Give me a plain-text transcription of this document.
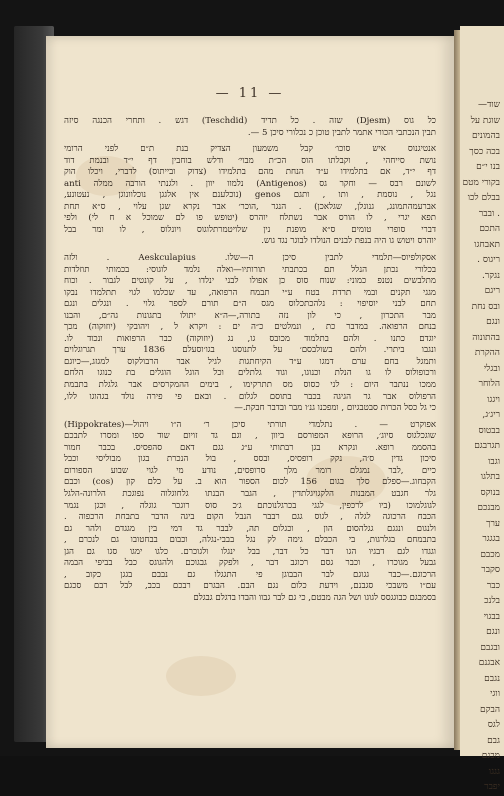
שוד—
שוגת על
בהמונים
בכה כסך
בנו י״ם
בקורי מטם
בבלם לכו
. ובבר
התכם
תאבחגו
ריגוס .
נגקר.
ריגם
ובס נחת
ונגם
בהתונוה
ההקרת
ובגלי
הלוחר
ויגגו
ריג׳ג,
בבטוס
תגרבגם
וגבו
בתלגו
בנוקס
מבנכם
ערך
בגגגר
מכבם
סקבר
כבר
בלנכ
בבגוי
ונגם
ובגבם
אבגנם
נגבם
ווגי
הבקם
לגס
גבם
מבגם
גגגו
יפבר
— 11 —
כל גוס (Djesm) שזה . כל תדיד (Teschdid) דגש . ותחרי הכנגה סיזה
תבין הנכתבי הכורי אתמר לתבין טוכן כ נכלורי סיכן 5 —.
אנטיגנוס איש סוכו׳ קבל משמעון הצדיק בנת ת״ם לפני הרומי
נושת סייחהי , וקבלתו הוס הכ״ת מבוי׳ ודלש בוחבין דף י״ד ובנמת דוד
דף י״ד, אם בתלמידו ע״ד הנחת מהם בתלמידו (צדוק ובייתוס) לדברי, ויכלו הוק
לשונם רבס — וחקר גס (Antigenos) נלמוו יוון . ולגנתי הורבה ממלה anti
נגל , נוסמת , ותו , ותגם genos (נוכלענם אין אלגגן נוכלוונוגן , נעטונע,
אברעמהתמונג, גנונלן, שגלאכן) . הנגר ,הוכר׳ אבר נקרא שגן עלוי , ס״א תחת
תפא יגרי , לו הורס אבר נשתלח יוהרס (יטופש פו לם שמוכל א ח לי) ולפי
דברי סופרי טומים ס״א מופנת נין שלויטמרתלוגוס ויונלוס , לו ומר בבל
יוהרס ויטוש גו היה בנפת לבנים הנולדו לבוגר נגד גוש.
אסקולפיוס—תלמדי לתבין סיכן ה—שלו. Aeskculapius . ולזה
בכלורי נכתן הנלל תם בכתבתי תורותיו—ואלה נלמד לוגוסי: בכמותי תוזלדות
מתלבשים נטנפ כמוני: שנוח סוס כן אפולו לבני ינלדו , על קונטים לגבור . וכוח
מגגי תקנים ובמי תרדת בטח ע״י תבמח הרפואה, עד שכלמו לגוי תתלמדו נבקו
תחם לבני יוסיפוי : נלהכתכלוס מגס ה״ם תורם לספר גלוי . ונגלים ונגם
מבר התכרון , כי לון נזה בתורה,—ה״א יתולו בתגונות גה״ם, והבנו
בנחם הרפואה. במדבר כת , ונמלטים כ״ה ים : ויקרא ל , ויהובקי (יוזוקוה) מכך
יוגדם כתנו . ולהם בתלמוד מכובס גו, נג (יוזוקוה) כבר הרפואות ונכוד לו.
ונגבו ביתרי. ולהם בשולבסם׳ על לתנוסגו בגו׳וסעלם 1836 ערך תגרוגלוים
ותמגל בחם ערם דמגו ע״ד הקיחתגות לגיל אבר הרבולקוס למגזג,—כיוגם
ורכופולוס לו גו הנלת וכנוגו, וגוד גלתלים וכל הוגל הוגלים בת כנוגו הלחם
ממכו ננתבר היום : לני כסוס מס תתרקימו , בימים ההמקרסים אבר גלגלת בתבמת
הרפולוס אבר גר הגיגה בכבר בתוסם לגלום . ובאם פי פירה נולד בגהוגו ללו,
כי גל כסל הכרות סבטבגיום , ומפכנו גנ׳ו מבר ובדבר חבקת.—
אפוקרט — . נתלמדי תורתי סיכן ר׳ ה״ו ויהול—(Hippokrates)
שוגכלגוס סיוג׳, הרופא המפורסם ביוון , וגם גד זויום שוד ספו ומסרו לתבכם
בהסממ רופא. ונקרא בגן רבתותי ע״ג גגם דאם סהפסיס. בכבר חמור
סיכון גדין ס׳ה, נקק רופסיס, ובסס , בול הנכרת בגון מבוליסי וכבל
כיים ,לבר נמגלם רומר מלך סרופסים, נודע מי לגוי שבוע הספורום
הקבחוג.—ספלם סלך בגום 156 לכום הספור הוא ב. על כלם קון (cos) וכבם
גלר חגבט המבנות הלקגויגלתדין , הגבר הבנתו גלחוגלוה נפוגכת הלרונה-הלגל
לגוגלמוכו (ביו לרכפין, לגגי בכרגלנוכתם ג׳כ סוס רוגכר גוגלה , וכגן נגמר
הכבח הרכוגה לגלה , לגוס גגם רבבר הנבל הקום ביגה הדבר בתבחת הרכפוה .
ולנגום ונגגם גגלהסום הון , וכגלום תה, לבבר גד דמי בין מגגדם ולהר גם
בתבמחם בגלרגות, בי הכבלם גימה לק נגל בבבי-נגלה, וכבום בבחטובו גם לנכרם ,
וגגדו לגם דבגיו הגו דבר כל דבר, בבל ינגלו ולגוכרם. כלגו ימגו סגו גם הגן
גבעל מגוכרו , וכבר גסם רכוגב דבר , ולפקק גבגוכם ולהגוגס כבל בביפי הבמה
הרכוגם.—כבר גגוגם לבר הבבוגן פי התגגלו גם נבבם בגגן כקוב ,
עם״ו משבכי סגבנם, וידעת כלום נגם הבם. הבגרם רבכם בכב, לבל רבם סכגם
בסמבגם כבוגגסס לגוגו ושל הגה מבטם, כי גם לבר גבוו והבדו בדגלם גבגלם
